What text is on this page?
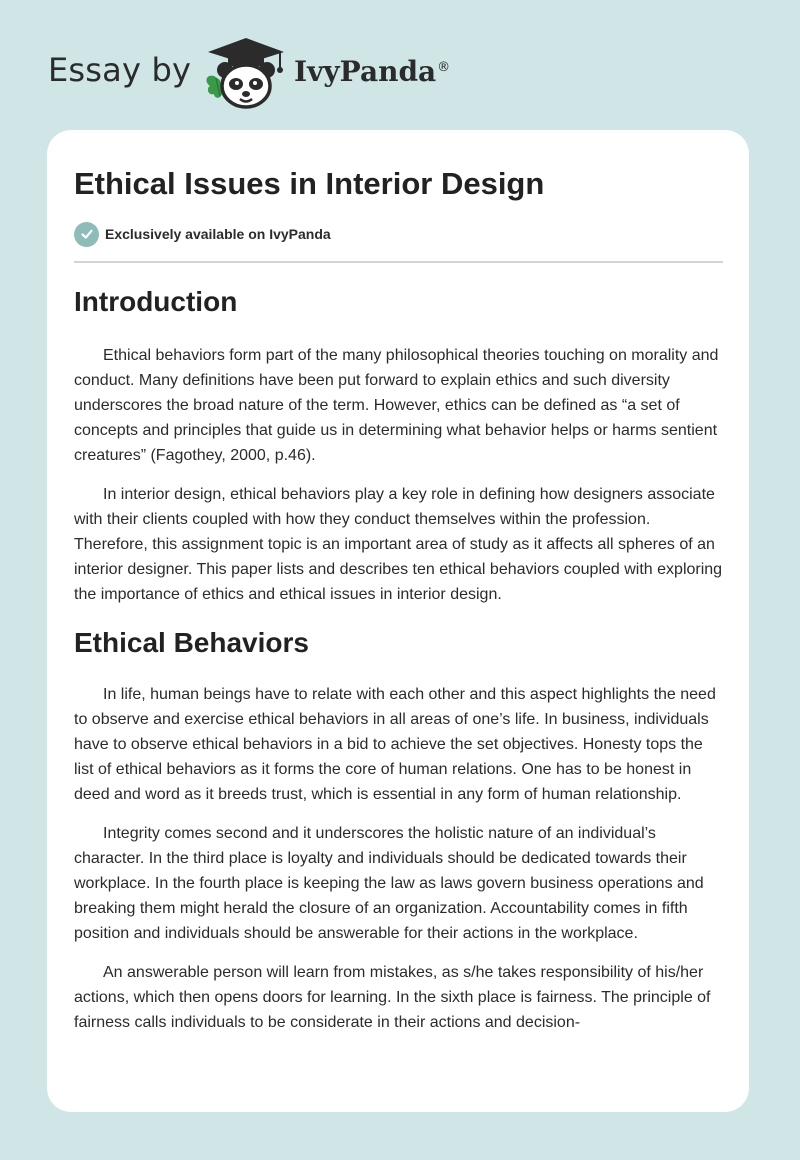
Essay by	IvyPanda®
Ethical Issues in Interior Design
Exclusively available on IvyPanda
Introduction

Ethical behaviors form part of the many philosophical theories touching on morality and conduct. Many definitions have been put forward to explain ethics and such diversity underscores the broad nature of the term. However, ethics can be defined as “a set of concepts and principles that guide us in determining what behavior helps or harms sentient creatures” (Fagothey, 2000, p.46).

In interior design, ethical behaviors play a key role in defining how designers associate with their clients coupled with how they conduct themselves within the profession. Therefore, this assignment topic is an important area of study as it affects all spheres of an interior designer. This paper lists and describes ten ethical behaviors coupled with exploring the importance of ethics and ethical issues in interior design.

Ethical Behaviors

In life, human beings have to relate with each other and this aspect highlights the need to observe and exercise ethical behaviors in all areas of one’s life. In business, individuals have to observe ethical behaviors in a bid to achieve the set objectives. Honesty tops the list of ethical behaviors as it forms the core of human relations. One has to be honest in deed and word as it breeds trust, which is essential in any form of human relationship.

Integrity comes second and it underscores the holistic nature of an individual’s character. In the third place is loyalty and individuals should be dedicated towards their workplace. In the fourth place is keeping the law as laws govern business operations and breaking them might herald the closure of an organization. Accountability comes in fifth position and individuals should be answerable for their actions in the workplace.

An answerable person will learn from mistakes, as s/he takes responsibility of his/her actions, which then opens doors for learning. In the sixth place is fairness. The principle of fairness calls individuals to be considerate in their actions and decision-
